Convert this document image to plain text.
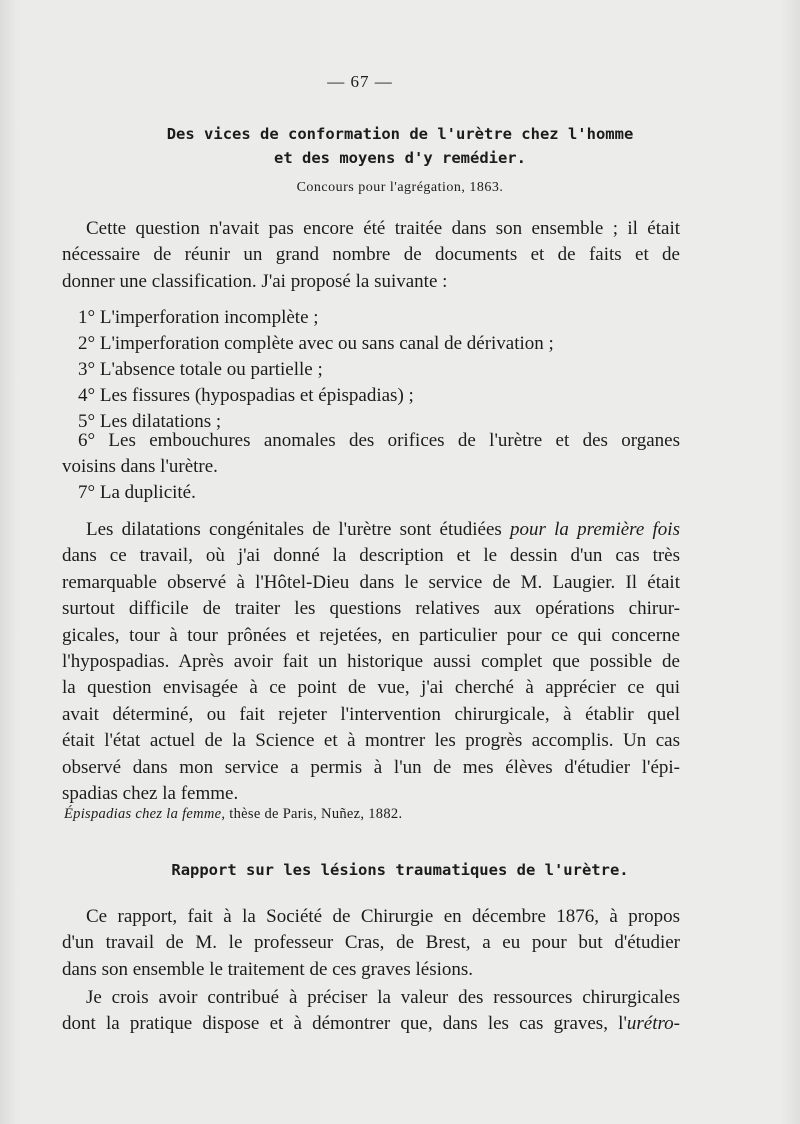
— 67 —
Des vices de conformation de l'urètre chez l'homme
et des moyens d'y remédier.
Concours pour l'agrégation, 1863.
Cette question n'avait pas encore été traitée dans son ensemble ; il était
nécessaire de réunir un grand nombre de documents et de faits et de
donner une classification. J'ai proposé la suivante :
1° L'imperforation incomplète ;
2° L'imperforation complète avec ou sans canal de dérivation ;
3° L'absence totale ou partielle ;
4° Les fissures (hypospadias et épispadias) ;
5° Les dilatations ;
6° Les embouchures anomales des orifices de l'urètre et des organes
voisins dans l'urètre.
7° La duplicité.
Les dilatations congénitales de l'urètre sont étudiées pour la première fois
dans ce travail, où j'ai donné la description et le dessin d'un cas très
remarquable observé à l'Hôtel-Dieu dans le service de M. Laugier. Il était
surtout difficile de traiter les questions relatives aux opérations chirur-
gicales, tour à tour prônées et rejetées, en particulier pour ce qui concerne
l'hypospadias. Après avoir fait un historique aussi complet que possible de
la question envisagée à ce point de vue, j'ai cherché à apprécier ce qui
avait déterminé, ou fait rejeter l'intervention chirurgicale, à établir quel
était l'état actuel de la Science et à montrer les progrès accomplis. Un cas
observé dans mon service a permis à l'un de mes élèves d'étudier l'épi-
spadias chez la femme.
Épispadias chez la femme, thèse de Paris, Nuñez, 1882.
Rapport sur les lésions traumatiques de l'urètre.
Ce rapport, fait à la Société de Chirurgie en décembre 1876, à propos
d'un travail de M. le professeur Cras, de Brest, a eu pour but d'étudier
dans son ensemble le traitement de ces graves lésions.
Je crois avoir contribué à préciser la valeur des ressources chirurgicales
dont la pratique dispose et à démontrer que, dans les cas graves, l'urétro-
